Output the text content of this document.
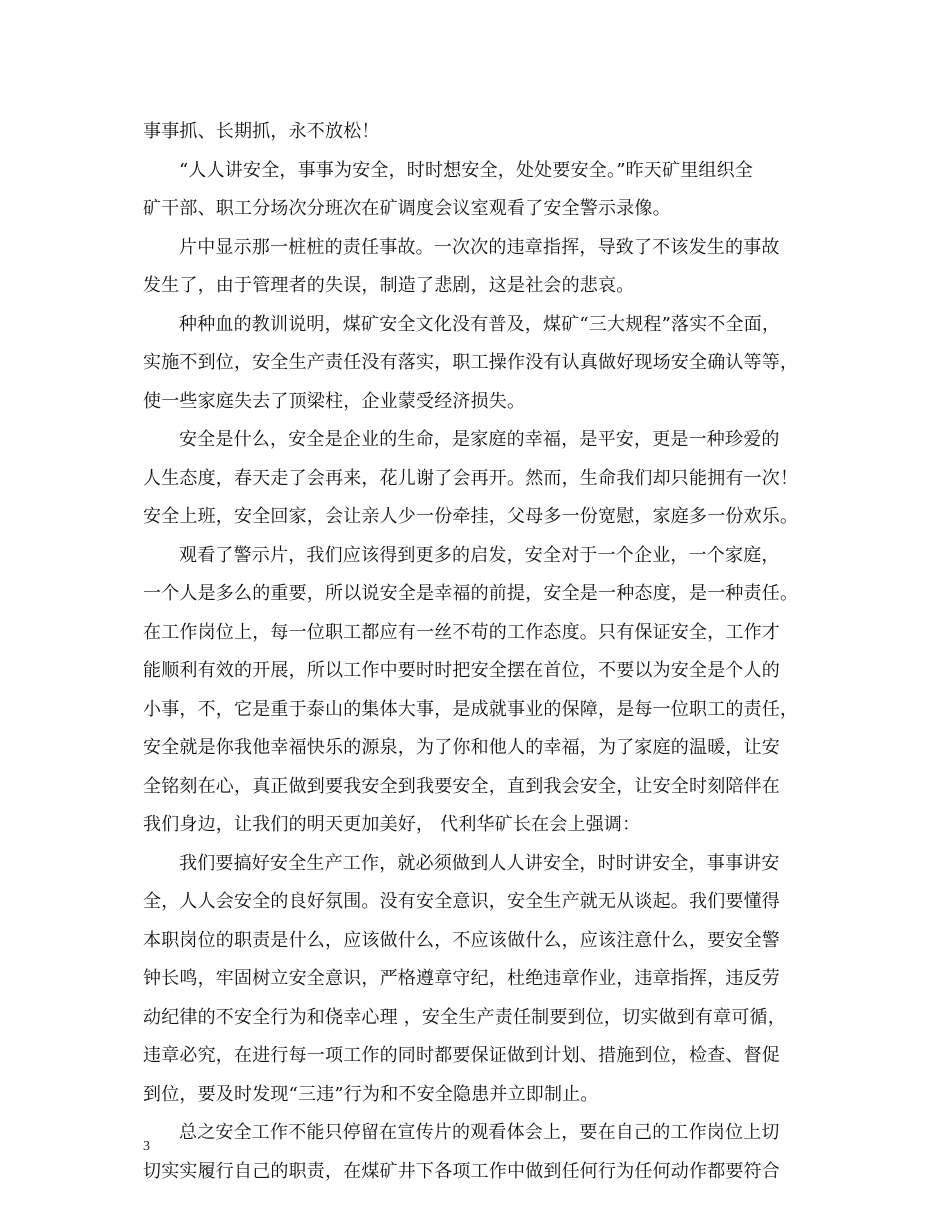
事事抓、长期抓，永不放松！
“人人讲安全，事事为安全，时时想安全，处处要安全。”昨天矿里组织全
矿干部、职工分场次分班次在矿调度会议室观看了安全警示录像。
片中显示那一桩桩的责任事故。一次次的违章指挥，导致了不该发生的事故
发生了，由于管理者的失误，制造了悲剧，这是社会的悲哀。
种种血的教训说明，煤矿安全文化没有普及，煤矿“三大规程”落实不全面，
实施不到位，安全生产责任没有落实，职工操作没有认真做好现场安全确认等等，
使一些家庭失去了顶梁柱，企业蒙受经济损失。
安全是什么，安全是企业的生命，是家庭的幸福，是平安，更是一种珍爱的
人生态度，春天走了会再来，花儿谢了会再开。然而，生命我们却只能拥有一次！
安全上班，安全回家，会让亲人少一份牵挂，父母多一份宽慰，家庭多一份欢乐。
观看了警示片，我们应该得到更多的启发，安全对于一个企业，一个家庭，
一个人是多么的重要，所以说安全是幸福的前提，安全是一种态度，是一种责任。
在工作岗位上，每一位职工都应有一丝不苟的工作态度。只有保证安全，工作才
能顺利有效的开展，所以工作中要时时把安全摆在首位，不要以为安全是个人的
小事，不，它是重于泰山的集体大事，是成就事业的保障，是每一位职工的责任，
安全就是你我他幸福快乐的源泉，为了你和他人的幸福，为了家庭的温暖，让安
全铭刻在心，真正做到要我安全到我要安全，直到我会安全，让安全时刻陪伴在
我们身边，让我们的明天更加美好， 代利华矿长在会上强调：
我们要搞好安全生产工作，就必须做到人人讲安全，时时讲安全，事事讲安
全，人人会安全的良好氛围。没有安全意识，安全生产就无从谈起。我们要懂得
本职岗位的职责是什么，应该做什么，不应该做什么，应该注意什么，要安全警
钟长鸣，牢固树立安全意识，严格遵章守纪，杜绝违章作业，违章指挥，违反劳
动纪律的不安全行为和侥幸心理 ，安全生产责任制要到位，切实做到有章可循，
违章必究，在进行每一项工作的同时都要保证做到计划、措施到位，检查、督促
到位，要及时发现“三违”行为和不安全隐患并立即制止。
总之安全工作不能只停留在宣传片的观看体会上，要在自己的工作岗位上切
切实实履行自己的职责，在煤矿井下各项工作中做到任何行为任何动作都要符合
3
